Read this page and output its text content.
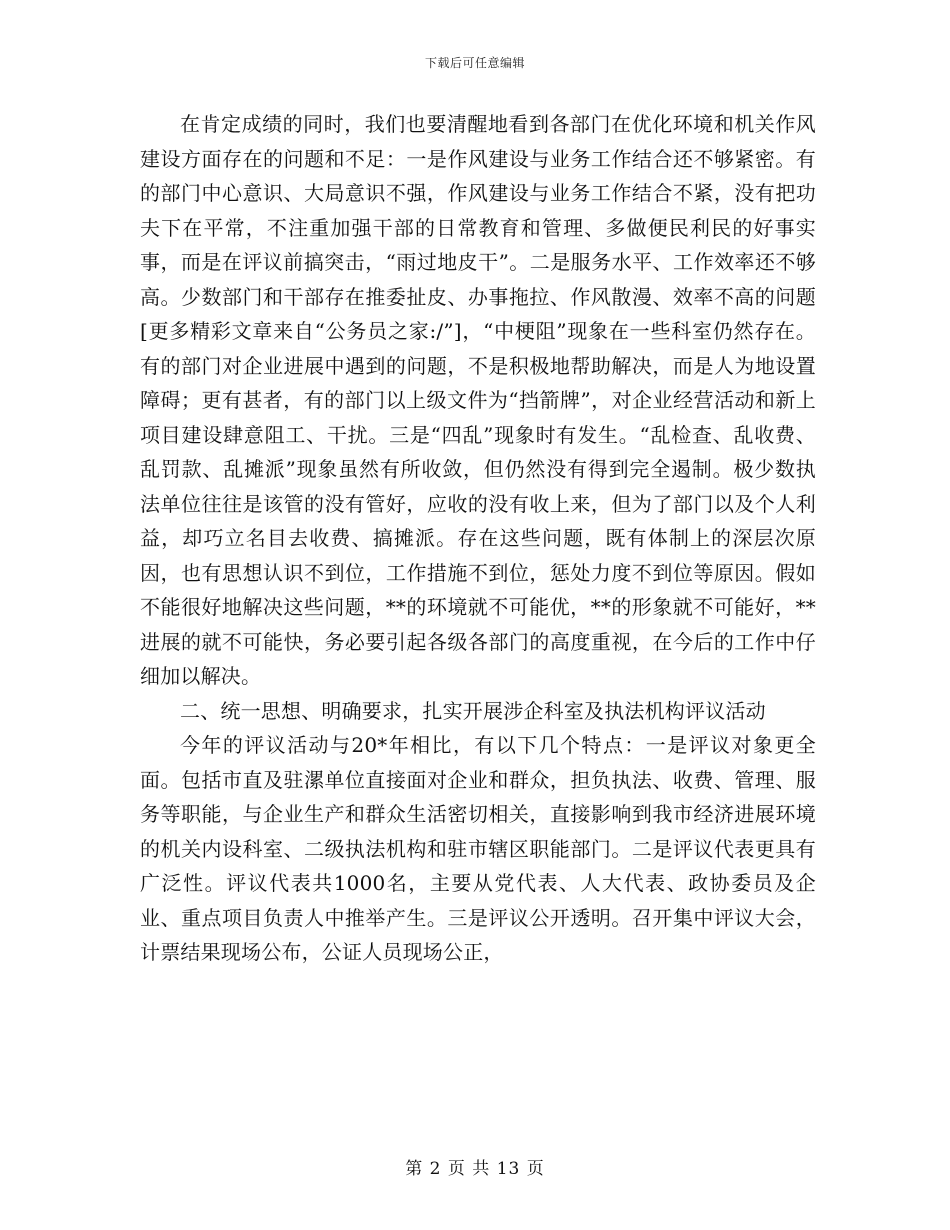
下载后可任意编辑

在肯定成绩的同时，我们也要清醒地看到各部门在优化环境和机关作风建设方面存在的问题和不足：一是作风建设与业务工作结合还不够紧密。有的部门中心意识、大局意识不强，作风建设与业务工作结合不紧，没有把功夫下在平常，不注重加强干部的日常教育和管理、多做便民利民的好事实事，而是在评议前搞突击，“雨过地皮干”。二是服务水平、工作效率还不够高。少数部门和干部存在推委扯皮、办事拖拉、作风散漫、效率不高的问题[更多精彩文章来自“公务员之家:/”]，“中梗阻”现象在一些科室仍然存在。有的部门对企业进展中遇到的问题，不是积极地帮助解决，而是人为地设置障碍；更有甚者，有的部门以上级文件为“挡箭牌”，对企业经营活动和新上项目建设肆意阻工、干扰。三是“四乱”现象时有发生。“乱检查、乱收费、乱罚款、乱摊派”现象虽然有所收敛，但仍然没有得到完全遏制。极少数执法单位往往是该管的没有管好，应收的没有收上来，但为了部门以及个人利益，却巧立名目去收费、搞摊派。存在这些问题，既有体制上的深层次原因，也有思想认识不到位，工作措施不到位，惩处力度不到位等原因。假如不能很好地解决这些问题，**的环境就不可能优，**的形象就不可能好，**进展的就不可能快，务必要引起各级各部门的高度重视，在今后的工作中仔细加以解决。

二、统一思想、明确要求，扎实开展涉企科室及执法机构评议活动

今年的评议活动与20*年相比，有以下几个特点：一是评议对象更全面。包括市直及驻漯单位直接面对企业和群众，担负执法、收费、管理、服务等职能，与企业生产和群众生活密切相关，直接影响到我市经济进展环境的机关内设科室、二级执法机构和驻市辖区职能部门。二是评议代表更具有广泛性。评议代表共1000名，主要从党代表、人大代表、政协委员及企业、重点项目负责人中推举产生。三是评议公开透明。召开集中评议大会，计票结果现场公布，公证人员现场公正，

第 2 页 共 13 页
